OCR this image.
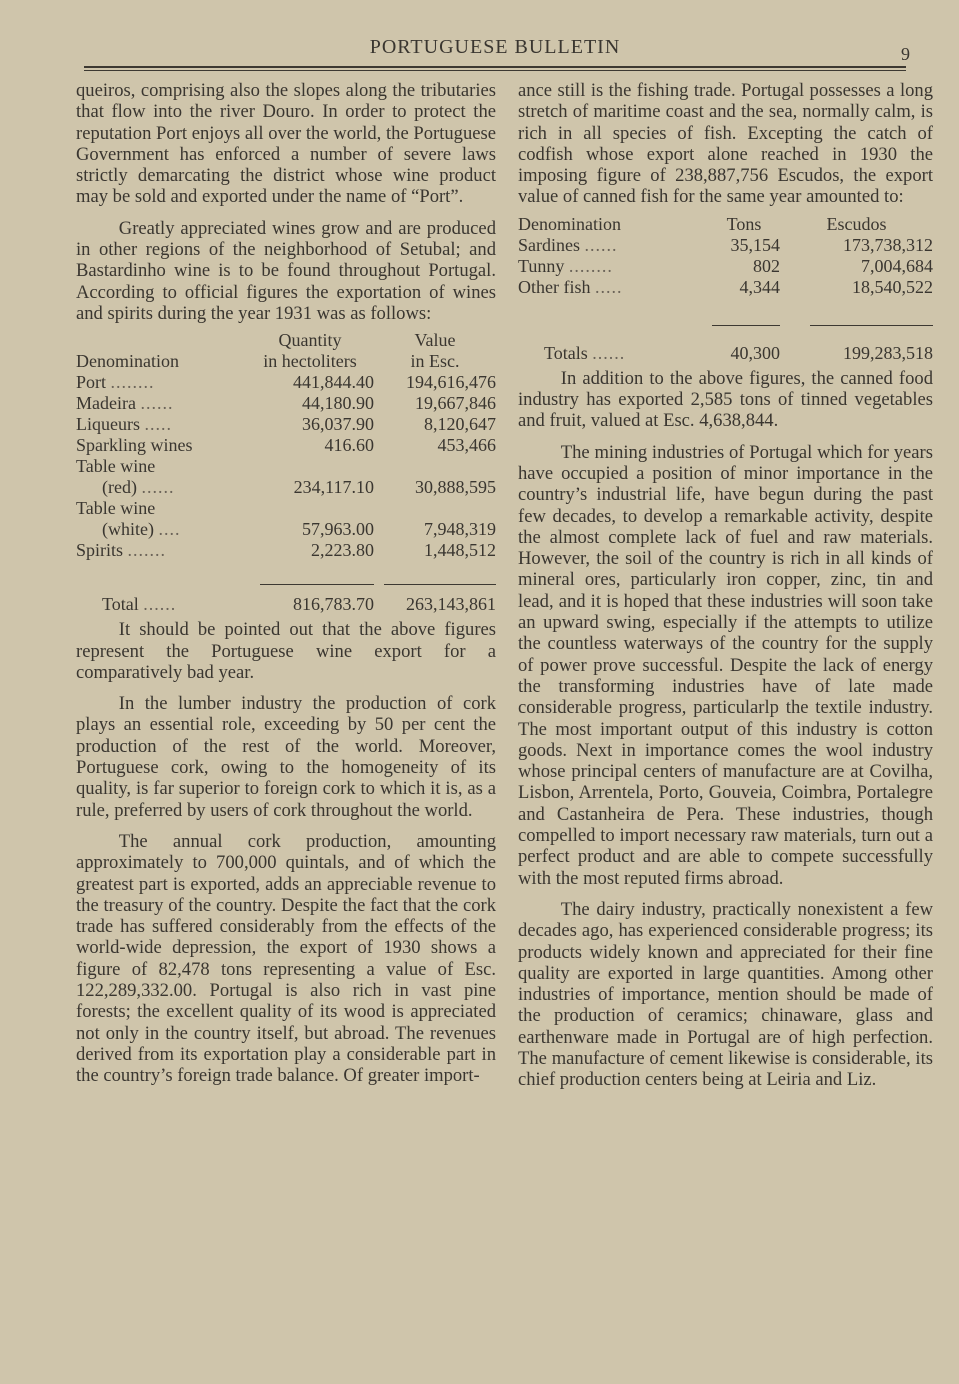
PORTUGUESE BULLETIN	9

queiros, comprising also the slopes along the tributaries that flow into the river Douro. In order to protect the reputation Port enjoys all over the world, the Portuguese Government has enforced a number of severe laws strictly demarcating the district whose wine product may be sold and exported under the name of “Port”.

Greatly appreciated wines grow and are produced in other regions of the neighborhood of Setubal; and Bastardinho wine is to be found throughout Portugal. According to official figures the exportation of wines and spirits during the year 1931 was as follows:

	Quantity	Value
Denomination	in hectoliters	in Esc.
Port ........	441,844.40	194,616,476
Madeira ......	44,180.90	19,667,846
Liqueurs .....	36,037.90	8,120,647
Sparkling wines	416.60	453,466
Table wine		
(red) ......	234,117.10	30,888,595
Table wine		
(white) ....	57,963.00	7,948,319
Spirits .......	2,223.80	1,448,512

Total ......	816,783.70	263,143,861

It should be pointed out that the above figures represent the Portuguese wine export for a comparatively bad year.

In the lumber industry the production of cork plays an essential role, exceeding by 50 per cent the production of the rest of the world. Moreover, Portuguese cork, owing to the homogeneity of its quality, is far superior to foreign cork to which it is, as a rule, preferred by users of cork throughout the world.

The annual cork production, amounting approximately to 700,000 quintals, and of which the greatest part is exported, adds an appreciable revenue to the treasury of the country. Despite the fact that the cork trade has suffered considerably from the effects of the world-wide depression, the export of 1930 shows a figure of 82,478 tons representing a value of Esc. 122,289,332.00. Portugal is also rich in vast pine forests; the excellent quality of its wood is appreciated not only in the country itself, but abroad. The revenues derived from its exportation play a considerable part in the country’s foreign trade balance. Of greater import-

ance still is the fishing trade. Portugal possesses a long stretch of maritime coast and the sea, normally calm, is rich in all species of fish. Excepting the catch of codfish whose export alone reached in 1930 the imposing figure of 238,887,756 Escudos, the export value of canned fish for the same year amounted to:

Denomination	Tons	Escudos
Sardines ......	35,154	173,738,312
Tunny ........	802	7,004,684
Other fish .....	4,344	18,540,522

Totals ......	40,300	199,283,518

In addition to the above figures, the canned food industry has exported 2,585 tons of tinned vegetables and fruit, valued at Esc. 4,638,844.

The mining industries of Portugal which for years have occupied a position of minor importance in the country’s industrial life, have begun during the past few decades, to develop a remarkable activity, despite the almost complete lack of fuel and raw materials. However, the soil of the country is rich in all kinds of mineral ores, particularly iron copper, zinc, tin and lead, and it is hoped that these industries will soon take an upward swing, especially if the attempts to utilize the countless waterways of the country for the supply of power prove successful. Despite the lack of energy the transforming industries have of late made considerable progress, particularlp the textile industry. The most important output of this industry is cotton goods. Next in importance comes the wool industry whose principal centers of manufacture are at Covilha, Lisbon, Arrentela, Porto, Gouveia, Coimbra, Portalegre and Castanheira de Pera. These industries, though compelled to import necessary raw materials, turn out a perfect product and are able to compete successfully with the most reputed firms abroad.

The dairy industry, practically nonexistent a few decades ago, has experienced considerable progress; its products widely known and appreciated for their fine quality are exported in large quantities. Among other industries of importance, mention should be made of the production of ceramics; chinaware, glass and earthenware made in Portugal are of high perfection. The manufacture of cement likewise is considerable, its chief production centers being at Leiria and Liz.
